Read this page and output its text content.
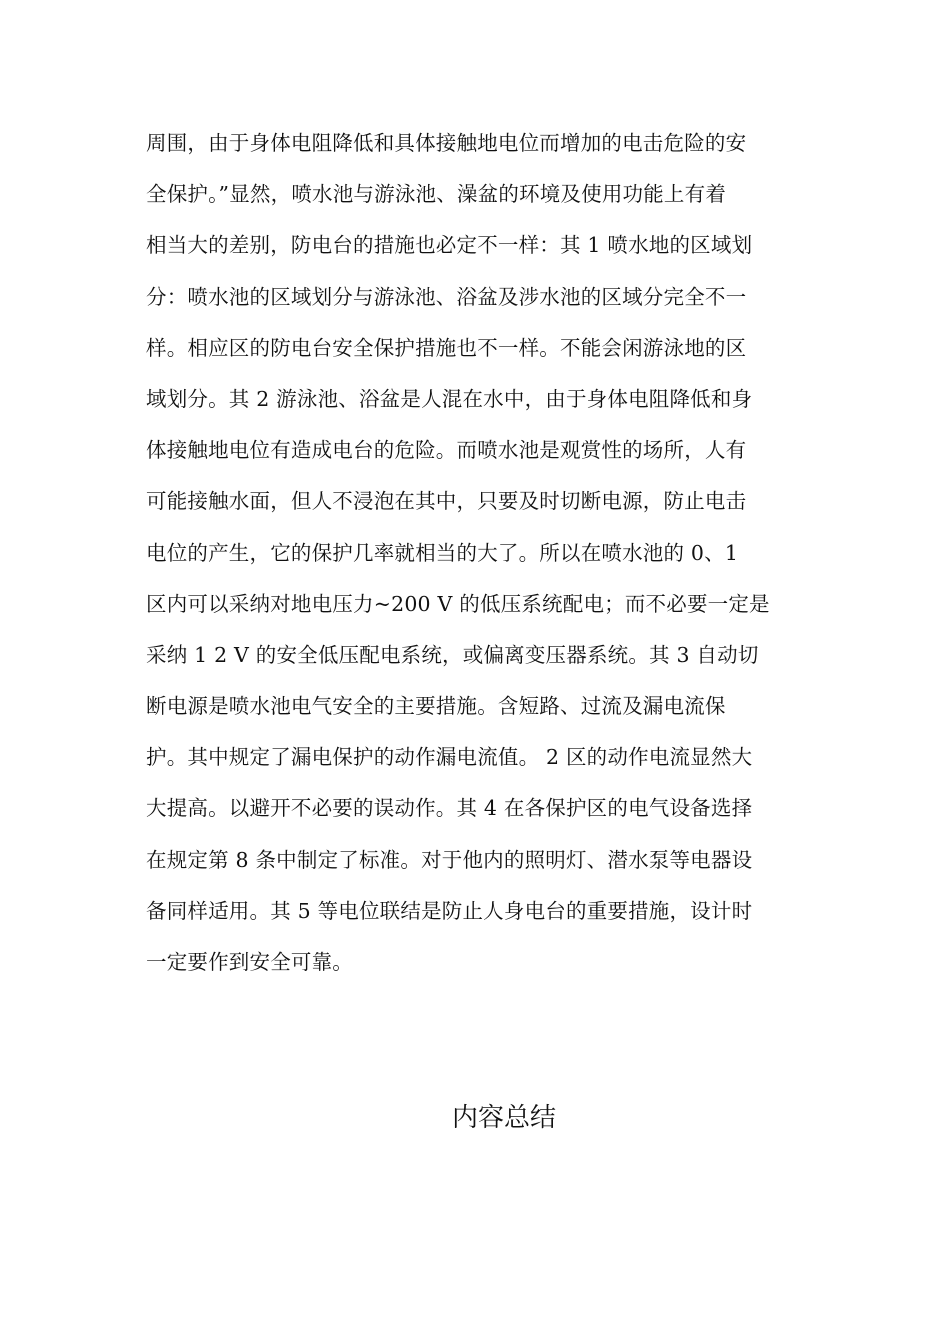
周围，由于身体电阻降低和具体接触地电位而增加的电击危险的安
全保护。”显然，喷水池与游泳池、澡盆的环境及使用功能上有着
相当大的差别，防电台的措施也必定不一样：其 1 喷水地的区域划
分：喷水池的区域划分与游泳池、浴盆及涉水池的区域分完全不一
样。相应区的防电台安全保护措施也不一样。不能会闲游泳地的区
域划分。其 2 游泳池、浴盆是人混在水中，由于身体电阻降低和身
体接触地电位有造成电台的危险。而喷水池是观赏性的场所，人有
可能接触水面，但人不浸泡在其中，只要及时切断电源，防止电击
电位的产生，它的保护几率就相当的大了。所以在喷水池的 0、1
区内可以采纳对地电压力~200 V 的低压系统配电；而不必要一定是
采纳 1 2 V 的安全低压配电系统，或偏离变压器系统。其 3 自动切
断电源是喷水池电气安全的主要措施。含短路、过流及漏电流保
护。其中规定了漏电保护的动作漏电流值。 2 区的动作电流显然大
大提高。以避开不必要的误动作。其 4 在各保护区的电气设备选择
在规定第 8 条中制定了标准。对于他内的照明灯、潜水泵等电器设
备同样适用。其 5 等电位联结是防止人身电台的重要措施，设计时
一定要作到安全可靠。
内容总结
